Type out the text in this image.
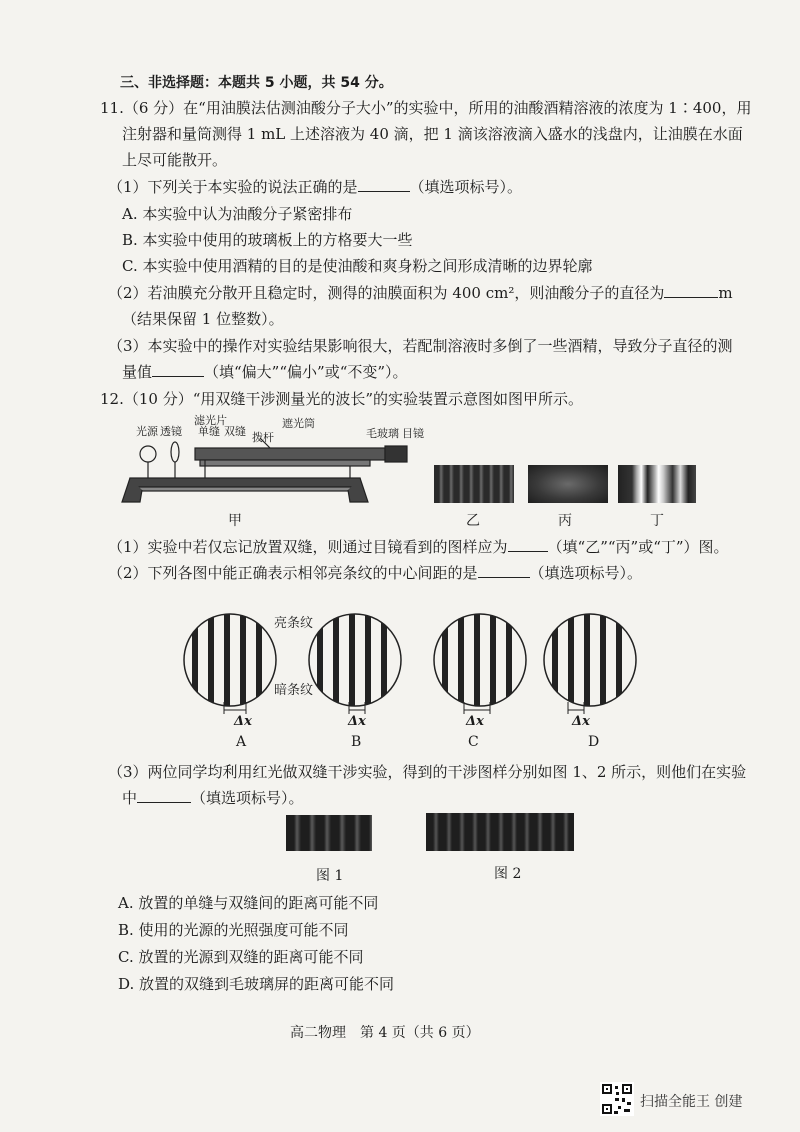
三、非选择题：本题共 5 小题，共 54 分。
11.（6 分）在“用油膜法估测油酸分子大小”的实验中，所用的油酸酒精溶液的浓度为 1∶400，用
注射器和量筒测得 1 mL 上述溶液为 40 滴，把 1 滴该溶液滴入盛水的浅盘内，让油膜在水面
上尽可能散开。
（1）下列关于本实验的说法正确的是	（填选项标号）。
A. 本实验中认为油酸分子紧密排布
B. 本实验中使用的玻璃板上的方格要大一些
C. 本实验中使用酒精的目的是使油酸和爽身粉之间形成清晰的边界轮廓
（2）若油膜充分散开且稳定时，测得的油膜面积为 400 cm²，则油酸分子的直径为	m
（结果保留 1 位整数）。
（3）本实验中的操作对实验结果影响很大，若配制溶液时多倒了一些酒精，导致分子直径的测
量值	（填“偏大”“偏小”或“不变”）。
12.（10 分）“用双缝干涉测量光的波长”的实验装置示意图如图甲所示。
滤光片
光源 透镜 单缝 双缝
遮光筒
拨杆	毛玻璃 目镜
甲	乙	丙	丁
（1）实验中若仅忘记放置双缝，则通过目镜看到的图样应为	（填“乙”“丙”或“丁”）图。
（2）下列各图中能正确表示相邻亮条纹的中心间距的是	（填选项标号）。
亮条纹
暗条纹
Δx	Δx	Δx	Δx
A	B	C	D
（3）两位同学均利用红光做双缝干涉实验，得到的干涉图样分别如图 1、2 所示，则他们在实验
中	（填选项标号）。
图 1	图 2
A. 放置的单缝与双缝间的距离可能不同
B. 使用的光源的光照强度可能不同
C. 放置的光源到双缝的距离可能不同
D. 放置的双缝到毛玻璃屏的距离可能不同
高二物理　第 4 页（共 6 页）
扫描全能王 创建
